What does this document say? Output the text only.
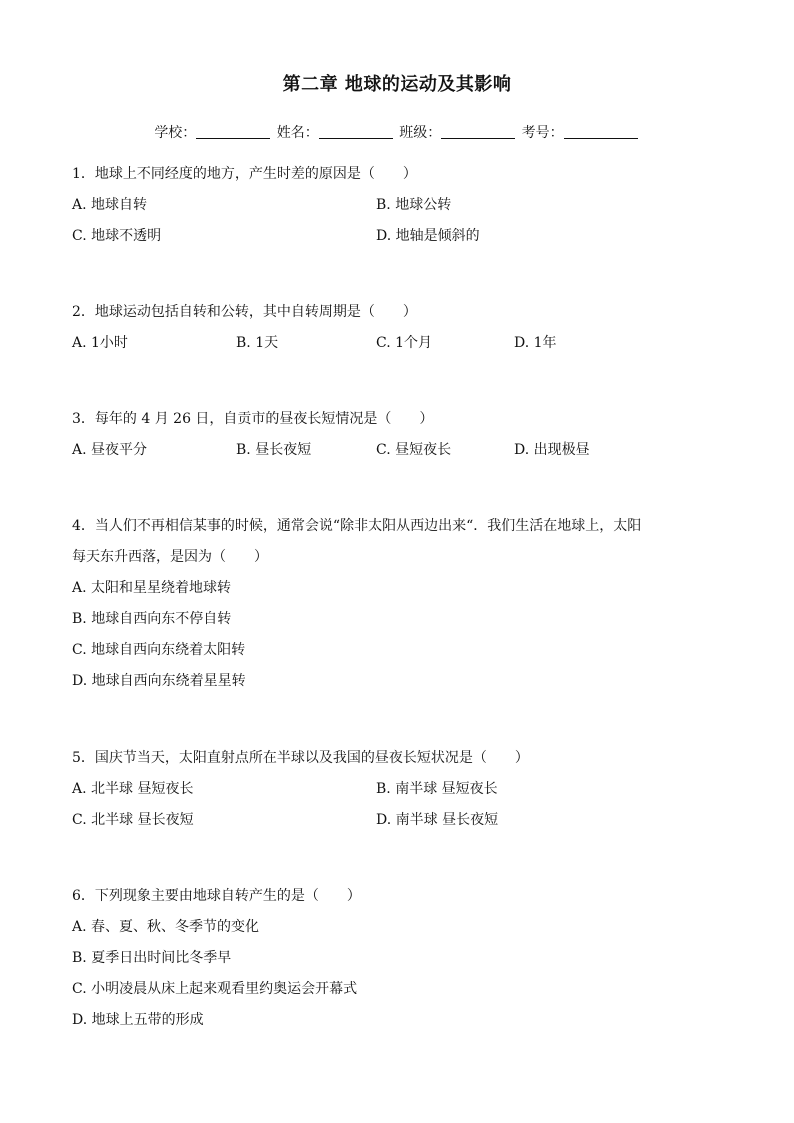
第二章 地球的运动及其影响
学校：	姓名：	班级：	考号：
1．地球上不同经度的地方，产生时差的原因是（　　）
A. 地球自转	B. 地球公转
C. 地球不透明	D. 地轴是倾斜的
2．地球运动包括自转和公转，其中自转周期是（　　）
A. 1小时	B. 1天	C. 1个月	D. 1年
3．每年的 4 月 26 日，自贡市的昼夜长短情况是（　　）
A. 昼夜平分	B. 昼长夜短	C. 昼短夜长	D. 出现极昼
4．当人们不再相信某事的时候，通常会说“除非太阳从西边出来“．我们生活在地球上，太阳
每天东升西落，是因为（　　）
A. 太阳和星星绕着地球转
B. 地球自西向东不停自转
C. 地球自西向东绕着太阳转
D. 地球自西向东绕着星星转
5．国庆节当天，太阳直射点所在半球以及我国的昼夜长短状况是（　　）
A. 北半球 昼短夜长	B. 南半球 昼短夜长
C. 北半球 昼长夜短	D. 南半球 昼长夜短
6．下列现象主要由地球自转产生的是（　　）
A. 春、夏、秋、冬季节的变化
B. 夏季日出时间比冬季早
C. 小明凌晨从床上起来观看里约奥运会开幕式
D. 地球上五带的形成
